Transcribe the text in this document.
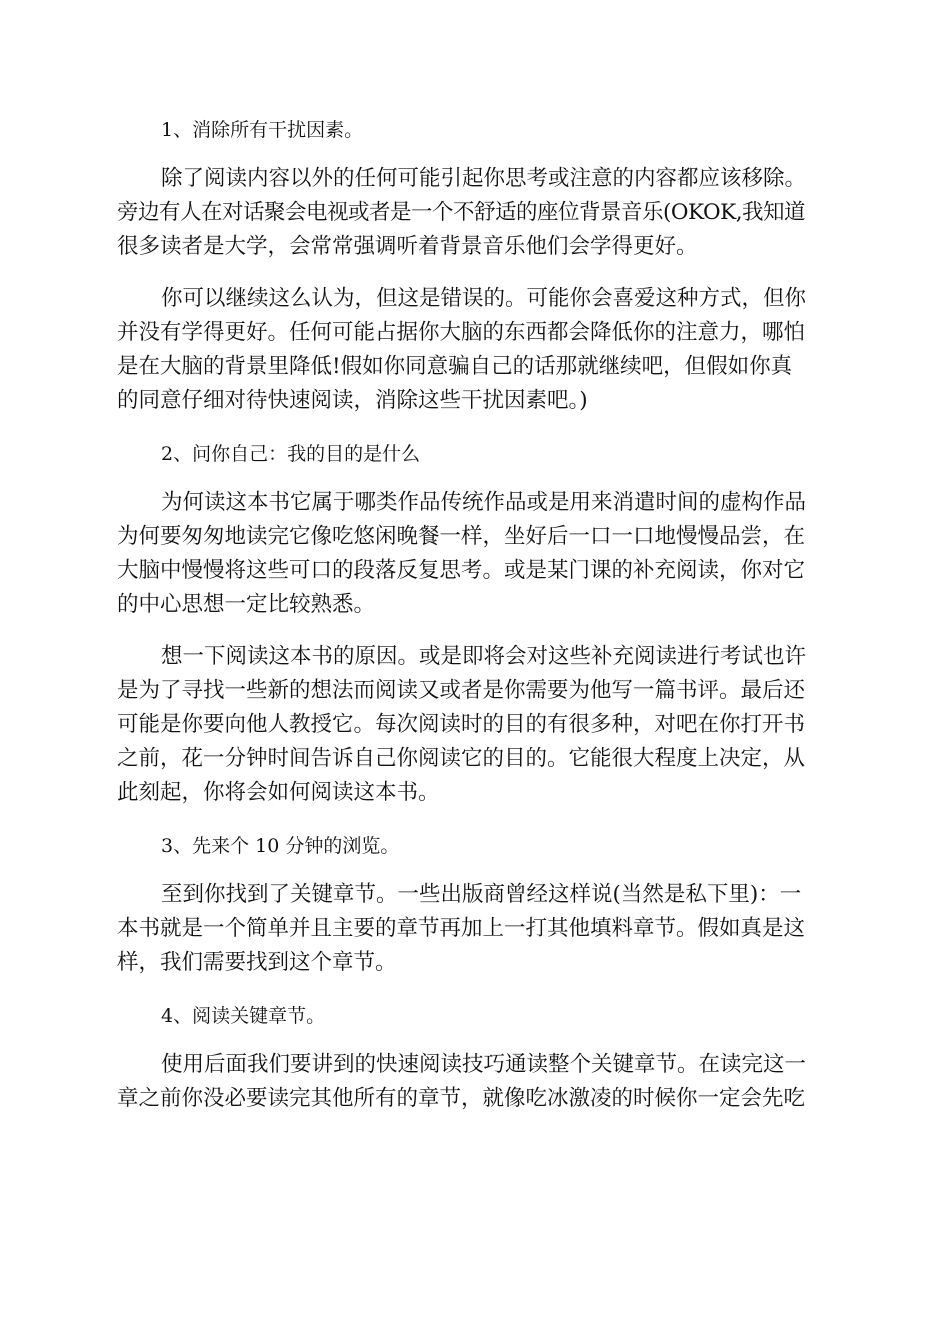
1、消除所有干扰因素。
除了阅读内容以外的任何可能引起你思考或注意的内容都应该移除。
旁边有人在对话聚会电视或者是一个不舒适的座位背景音乐(OKOK,我知道
很多读者是大学，会常常强调听着背景音乐他们会学得更好。
你可以继续这么认为，但这是错误的。可能你会喜爱这种方式，但你
并没有学得更好。任何可能占据你大脑的东西都会降低你的注意力，哪怕
是在大脑的背景里降低!假如你同意骗自己的话那就继续吧，但假如你真
的同意仔细对待快速阅读，消除这些干扰因素吧。)
2、问你自己：我的目的是什么
为何读这本书它属于哪类作品传统作品或是用来消遣时间的虚构作品
为何要匆匆地读完它像吃悠闲晚餐一样，坐好后一口一口地慢慢品尝，在
大脑中慢慢将这些可口的段落反复思考。或是某门课的补充阅读，你对它
的中心思想一定比较熟悉。
想一下阅读这本书的原因。或是即将会对这些补充阅读进行考试也许
是为了寻找一些新的想法而阅读又或者是你需要为他写一篇书评。最后还
可能是你要向他人教授它。每次阅读时的目的有很多种，对吧在你打开书
之前，花一分钟时间告诉自己你阅读它的目的。它能很大程度上决定，从
此刻起，你将会如何阅读这本书。
3、先来个 10 分钟的浏览。
至到你找到了关键章节。一些出版商曾经这样说(当然是私下里)：一
本书就是一个简单并且主要的章节再加上一打其他填料章节。假如真是这
样，我们需要找到这个章节。
4、阅读关键章节。
使用后面我们要讲到的快速阅读技巧通读整个关键章节。在读完这一
章之前你没必要读完其他所有的章节，就像吃冰激凌的时候你一定会先吃
